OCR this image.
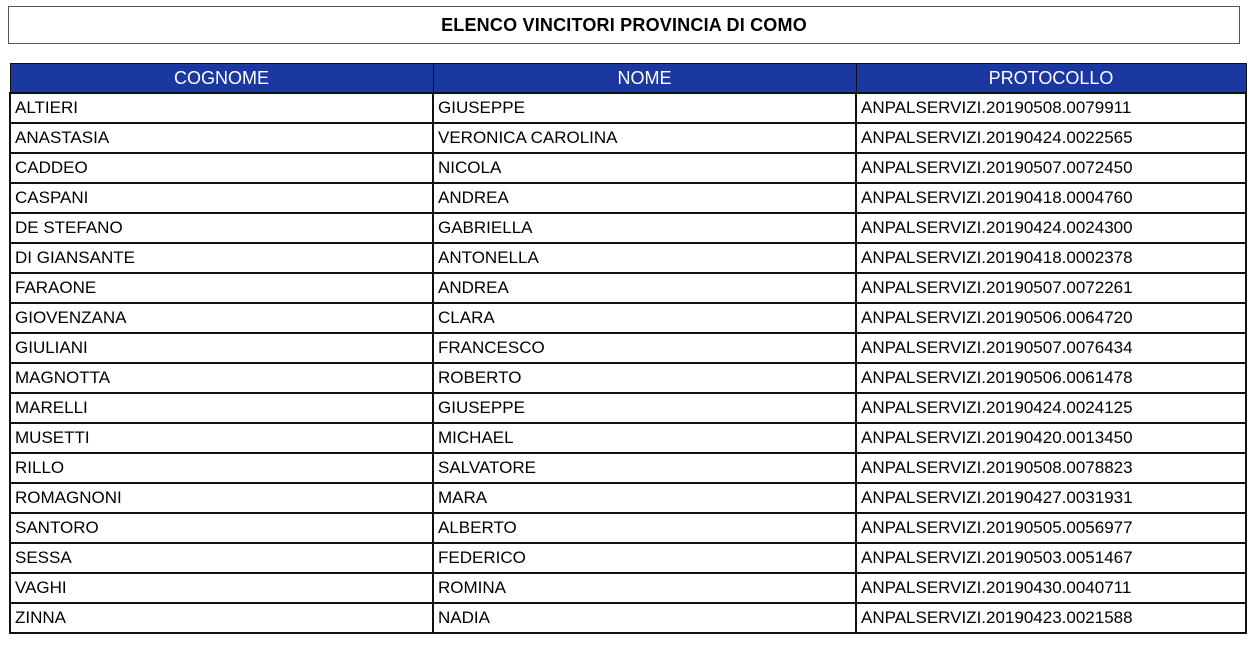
ELENCO VINCITORI PROVINCIA DI COMO
COGNOME	NOME	PROTOCOLLO
ALTIERI	GIUSEPPE	ANPALSERVIZI.20190508.0079911
ANASTASIA	VERONICA CAROLINA	ANPALSERVIZI.20190424.0022565
CADDEO	NICOLA	ANPALSERVIZI.20190507.0072450
CASPANI	ANDREA	ANPALSERVIZI.20190418.0004760
DE STEFANO	GABRIELLA	ANPALSERVIZI.20190424.0024300
DI GIANSANTE	ANTONELLA	ANPALSERVIZI.20190418.0002378
FARAONE	ANDREA	ANPALSERVIZI.20190507.0072261
GIOVENZANA	CLARA	ANPALSERVIZI.20190506.0064720
GIULIANI	FRANCESCO	ANPALSERVIZI.20190507.0076434
MAGNOTTA	ROBERTO	ANPALSERVIZI.20190506.0061478
MARELLI	GIUSEPPE	ANPALSERVIZI.20190424.0024125
MUSETTI	MICHAEL	ANPALSERVIZI.20190420.0013450
RILLO	SALVATORE	ANPALSERVIZI.20190508.0078823
ROMAGNONI	MARA	ANPALSERVIZI.20190427.0031931
SANTORO	ALBERTO	ANPALSERVIZI.20190505.0056977
SESSA	FEDERICO	ANPALSERVIZI.20190503.0051467
VAGHI	ROMINA	ANPALSERVIZI.20190430.0040711
ZINNA	NADIA	ANPALSERVIZI.20190423.0021588
